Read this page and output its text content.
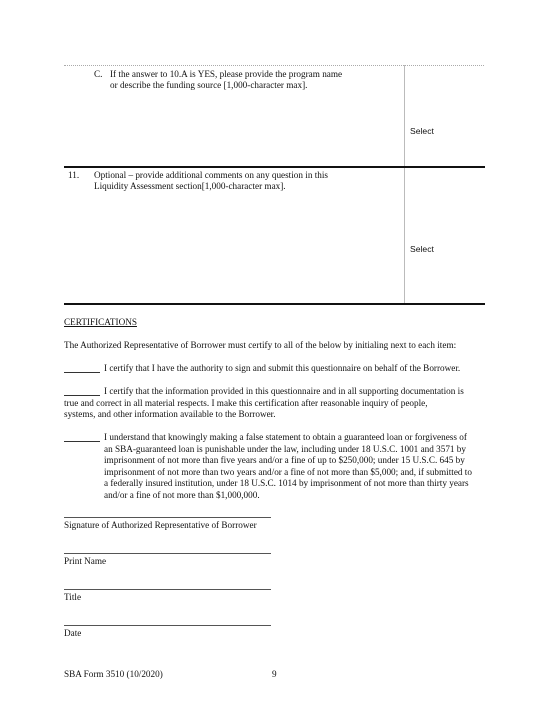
C. If the answer to 10.A is YES, please provide the program name
or describe the funding source [1,000-character max].
Select
11. Optional – provide additional comments on any question in this
Liquidity Assessment section[1,000-character max].
Select
CERTIFICATIONS
The Authorized Representative of Borrower must certify to all of the below by initialing next to each item:
I certify that I have the authority to sign and submit this questionnaire on behalf of the Borrower.
I certify that the information provided in this questionnaire and in all supporting documentation is
true and correct in all material respects. I make this certification after reasonable inquiry of people,
systems, and other information available to the Borrower.
I understand that knowingly making a false statement to obtain a guaranteed loan or forgiveness of
an SBA-guaranteed loan is punishable under the law, including under 18 U.S.C. 1001 and 3571 by
imprisonment of not more than five years and/or a fine of up to $250,000; under 15 U.S.C. 645 by
imprisonment of not more than two years and/or a fine of not more than $5,000; and, if submitted to
a federally insured institution, under 18 U.S.C. 1014 by imprisonment of not more than thirty years
and/or a fine of not more than $1,000,000.
Signature of Authorized Representative of Borrower
Print Name
Title
Date
SBA Form 3510 (10/2020)	9
